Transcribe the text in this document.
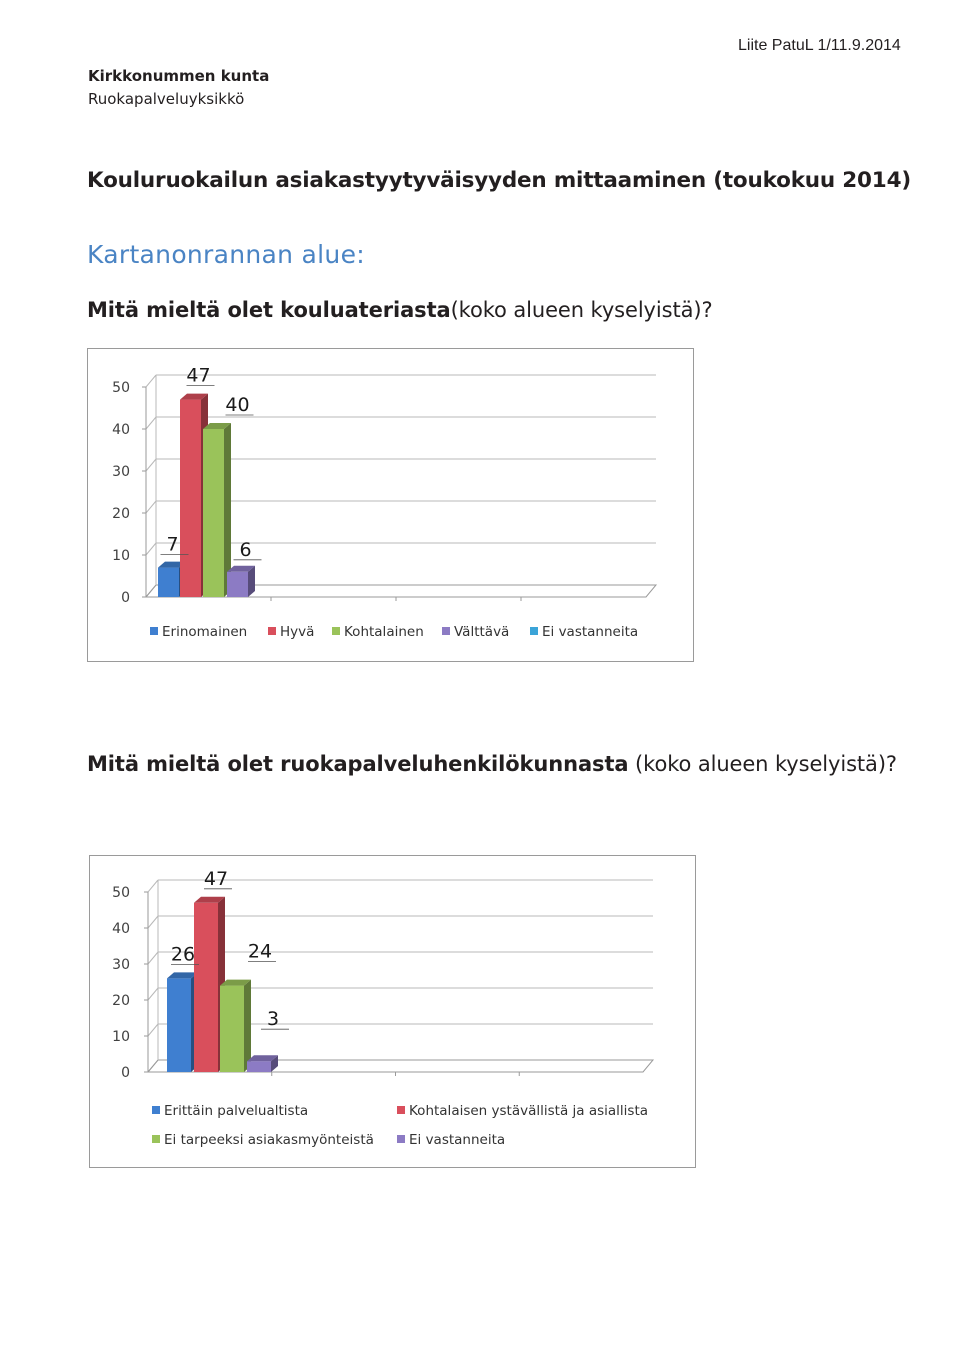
Liite PatuL 1/11.9.2014
Kirkkonummen kunta
Ruokapalveluyksikkö
Kouluruokailun asiakastyytyväisyyden mittaaminen (toukokuu 2014)
Kartanonrannan alue:
Mitä mieltä olet kouluateriasta(koko alueen kyselyistä)?
0
10
20
30
40
50
7
47
40
6
Erinomainen Hyvä Kohtalainen Välttävä Ei vastanneita
Mitä mieltä olet ruokapalveluhenkilökunnasta (koko alueen kyselyistä)?
0
10
20
30
40
50
26
47
24
3
Erittäin palvelualtista	Kohtalaisen ystävällistä ja asiallista
Ei tarpeeksi asiakasmyönteistä	Ei vastanneita
